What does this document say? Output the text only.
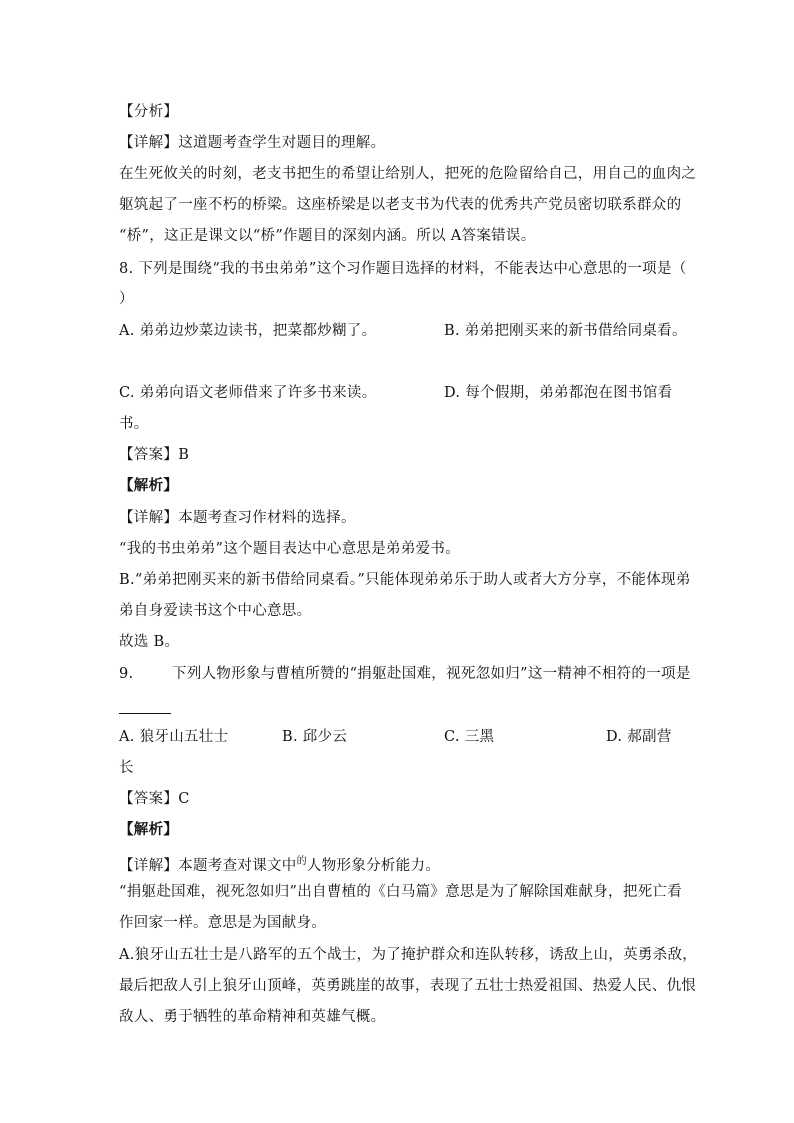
【分析】
【详解】这道题考查学生对题目的理解。
在生死攸关的时刻，老支书把生的希望让给别人，把死的危险留给自己，用自己的血肉之
躯筑起了一座不朽的桥梁。这座桥梁是以老支书为代表的优秀共产党员密切联系群众的
“桥”，这正是课文以“桥”作题目的深刻内涵。所以 A答案错误。
8. 下列是围绕“我的书虫弟弟”这个习作题目选择的材料，不能表达中心意思的一项是（
）
A. 弟弟边炒菜边读书，把菜都炒糊了。	B. 弟弟把刚买来的新书借给同桌看。
C. 弟弟向语文老师借来了许多书来读。	D. 每个假期，弟弟都泡在图书馆看
书。
【答案】B
【解析】
【详解】本题考查习作材料的选择。
“我的书虫弟弟”这个题目表达中心意思是弟弟爱书。
B.“弟弟把刚买来的新书借给同桌看。”只能体现弟弟乐于助人或者大方分享，不能体现弟
弟自身爱读书这个中心意思。
故选 B。
9.	下列人物形象与曹植所赞的“捐躯赴国难，视死忽如归”这一精神不相符的一项是
A. 狼牙山五壮士	B. 邱少云	C. 三黑	D. 郝副营
长
【答案】C
【解析】
【详解】本题考查对课文中$^的$人物形象分析能力。
“捐躯赴国难，视死忽如归”出自曹植的《白马篇》意思是为了解除国难献身，把死亡看
作回家一样。意思是为国献身。
A.狼牙山五壮士是八路军的五个战士，为了掩护群众和连队转移，诱敌上山，英勇杀敌，
最后把敌人引上狼牙山顶峰，英勇跳崖的故事，表现了五壮士热爱祖国、热爱人民、仇恨
敌人、勇于牺牲的革命精神和英雄气概。
